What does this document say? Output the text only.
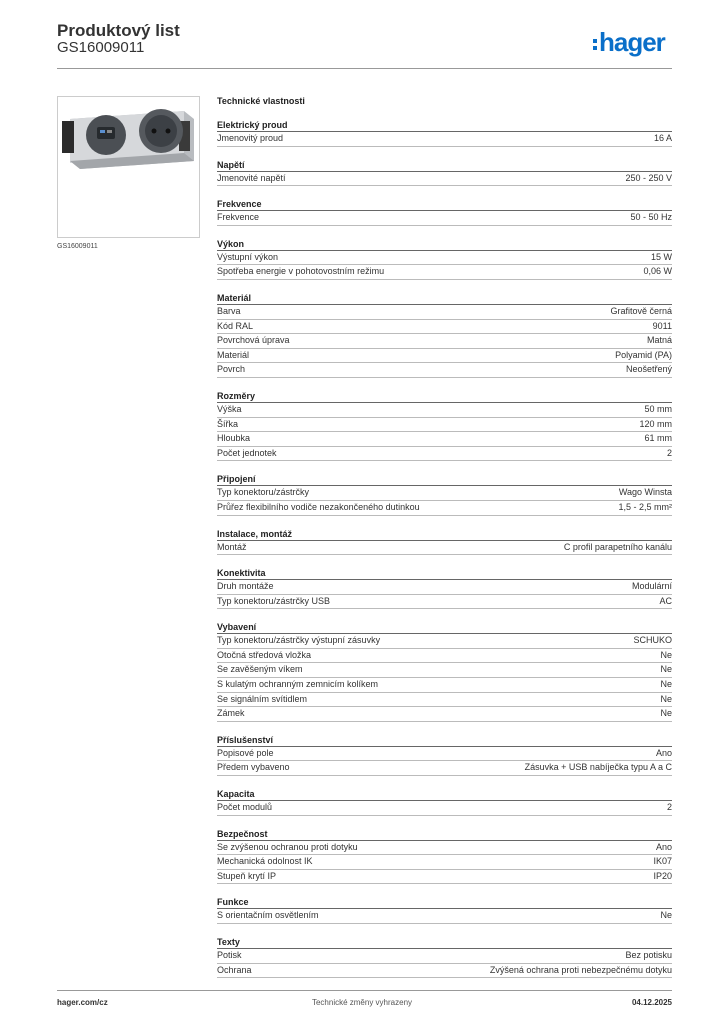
Produktový list
GS16009011	hager
GS16009011
Technické vlastnosti
Elektrický proud
Jmenovitý proud	16 A
Napětí
Jmenovité napětí	250 - 250 V
Frekvence
Frekvence	50 - 50 Hz
Výkon
Výstupní výkon	15 W
Spotřeba energie v pohotovostním režimu	0,06 W
Materiál
Barva	Grafitově černá
Kód RAL	9011
Povrchová úprava	Matná
Materiál	Polyamid (PA)
Povrch	Neošetřený
Rozměry
Výška	50 mm
Šířka	120 mm
Hloubka	61 mm
Počet jednotek	2
Připojení
Typ konektoru/zástrčky	Wago Winsta
Průřez flexibilního vodiče nezakončeného dutinkou	1,5 - 2,5 mm²
Instalace, montáž
Montáž	C profil parapetního kanálu
Konektivita
Druh montáže	Modulární
Typ konektoru/zástrčky USB	AC
Vybavení
Typ konektoru/zástrčky výstupní zásuvky	SCHUKO
Otočná středová vložka	Ne
Se zavěšeným víkem	Ne
S kulatým ochranným zemnicím kolíkem	Ne
Se signálním svítidlem	Ne
Zámek	Ne
Příslušenství
Popisové pole	Ano
Předem vybaveno	Zásuvka + USB nabíječka typu A a C
Kapacita
Počet modulů	2
Bezpečnost
Se zvýšenou ochranou proti dotyku	Ano
Mechanická odolnost IK	IK07
Stupeň krytí IP	IP20
Funkce
S orientačním osvětlením	Ne
Texty
Potisk	Bez potisku
Ochrana	Zvýšená ochrana proti nebezpečnému dotyku
hager.com/cz	Technické změny vyhrazeny	04.12.2025
